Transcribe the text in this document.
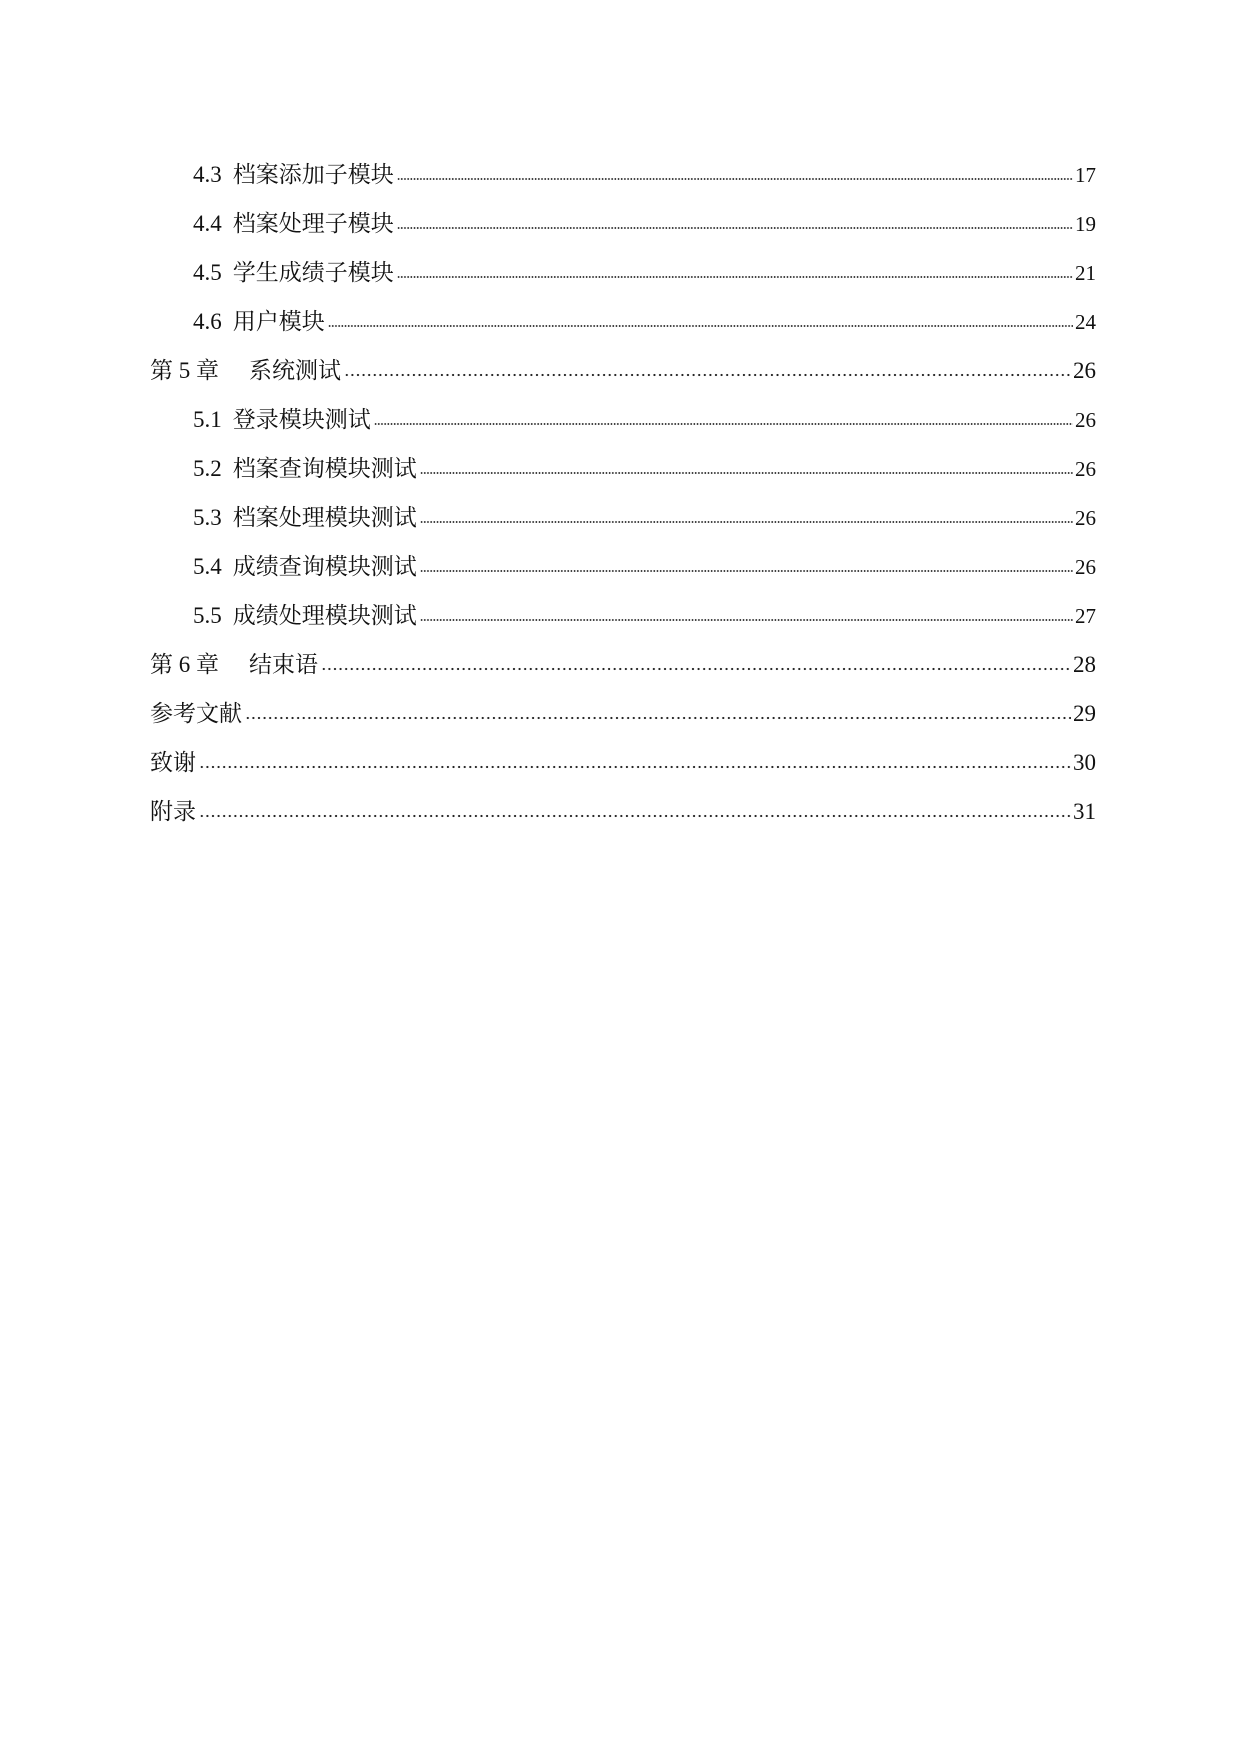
4.3 档案添加子模块	17
4.4 档案处理子模块	19
4.5 学生成绩子模块	21
4.6 用户模块	24
第 5 章 系统测试	26
5.1 登录模块测试	26
5.2 档案查询模块测试	26
5.3 档案处理模块测试	26
5.4 成绩查询模块测试	26
5.5 成绩处理模块测试	27
第 6 章 结束语	28
参考文献	29
致谢	30
附录	31
